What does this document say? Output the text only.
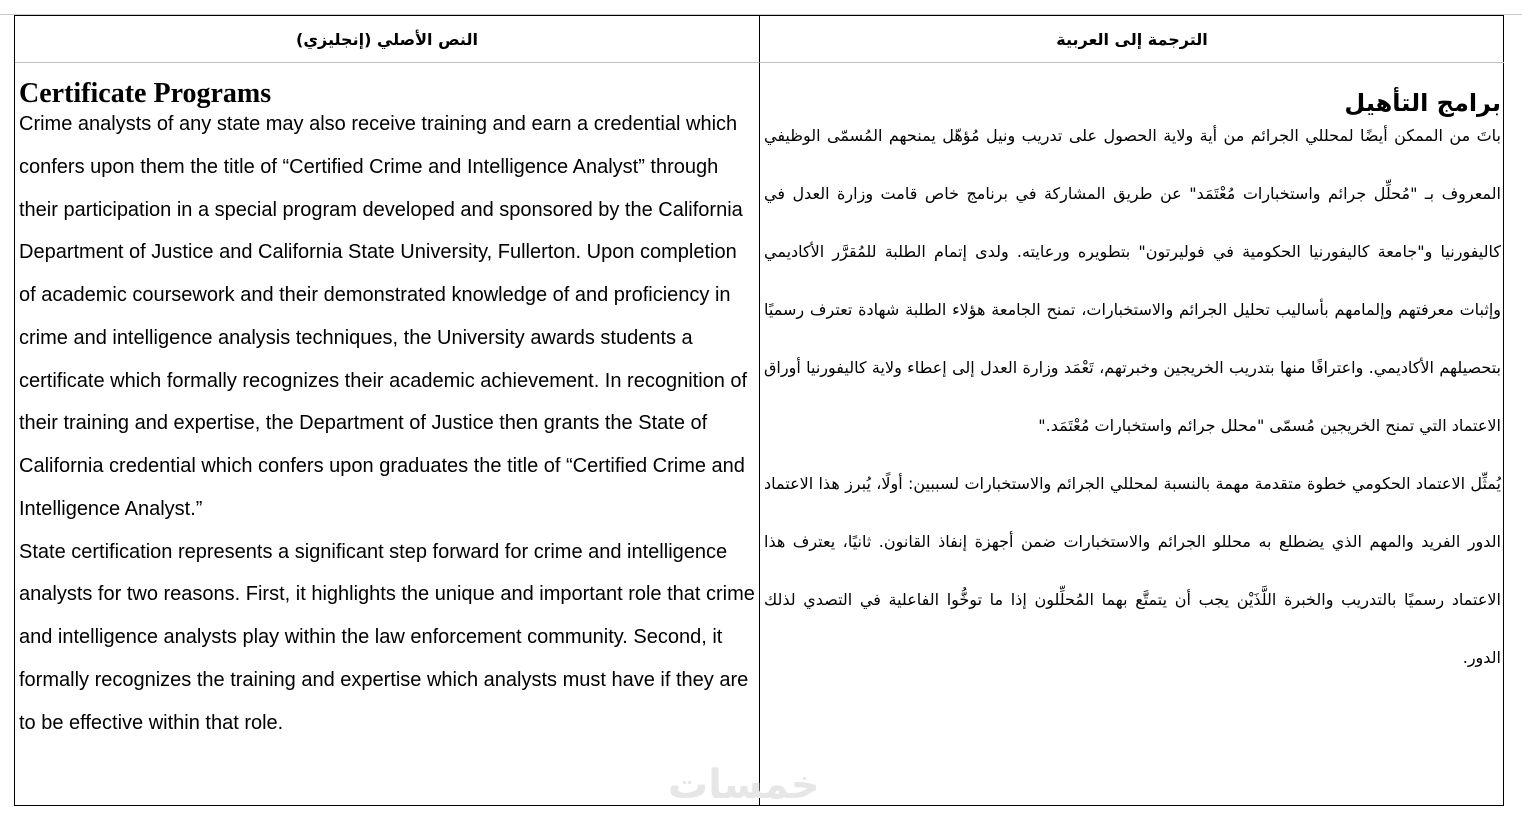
النص الأصلي (إنجليزي)	الترجمة إلى العربية
Certificate Programs

Crime analysts of any state may also receive training and earn a credential which confers upon them the title of “Certified Crime and Intelligence Analyst” through their participation in a special program developed and sponsored by the California Department of Justice and California State University, Fullerton. Upon completion of academic coursework and their demonstrated knowledge of and proficiency in crime and intelligence analysis techniques, the University awards students a certificate which formally recognizes their academic achievement. In recognition of their training and expertise, the Department of Justice then grants the State of California credential which confers upon graduates the title of “Certified Crime and Intelligence Analyst.”

State certification represents a significant step forward for crime and intelligence analysts for two reasons. First, it highlights the unique and important role that crime and intelligence analysts play within the law enforcement community. Second, it formally recognizes the training and expertise which analysts must have if they are to be effective within that role.

برامج التأهيل

باتَ من الممكن أيضًا لمحللي الجرائم من أية ولاية الحصول على تدريب ونيل مُؤهّل يمنحهم المُسمّى الوظيفي المعروف بـ "مُحلِّل جرائم واستخبارات مُعْتَمَد" عن طريق المشاركة في برنامج خاص قامت وزارة العدل في كاليفورنيا و"جامعة كاليفورنيا الحكومية في فوليرتون" بتطويره ورعايته. ولدى إتمام الطلبة للمُقرَّر الأكاديمي وإثبات معرفتهم وإلمامهم بأساليب تحليل الجرائم والاستخبارات، تمنح الجامعة هؤلاء الطلبة شهادة تعترف رسميًا بتحصيلهم الأكاديمي. واعترافًا منها بتدريب الخريجين وخبرتهم، تَعْمَد وزارة العدل إلى إعطاء ولاية كاليفورنيا أوراق الاعتماد التي تمنح الخريجين مُسمّى "محلل جرائم واستخبارات مُعْتَمَد."

يُمثِّل الاعتماد الحكومي خطوة متقدمة مهمة بالنسبة لمحللي الجرائم والاستخبارات لسببين: أولًا، يُبرز هذا الاعتماد الدور الفريد والمهم الذي يضطلع به محللو الجرائم والاستخبارات ضمن أجهزة إنفاذ القانون. ثانيًا، يعترف هذا الاعتماد رسميًا بالتدريب والخبرة اللَّذَيْن يجب أن يتمتَّع بهما المُحلِّلون إذا ما توخُّوا الفاعلية في التصدي لذلك الدور.

خمسات
